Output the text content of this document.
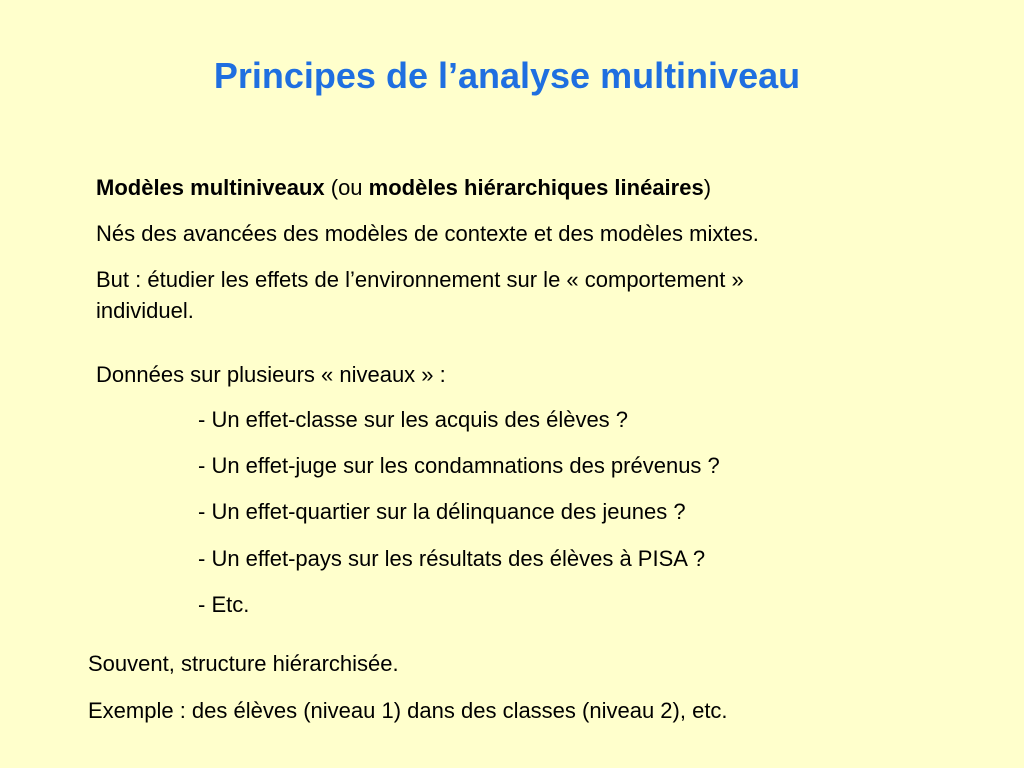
Principes de l’analyse multiniveau
Modèles multiniveaux (ou modèles hiérarchiques linéaires)
Nés des avancées des modèles de contexte et des modèles mixtes.
But : étudier les effets de l’environnement sur le « comportement »
individuel.
Données sur plusieurs « niveaux » :
- Un effet-classe sur les acquis des élèves ?
- Un effet-juge sur les condamnations des prévenus ?
- Un effet-quartier sur la délinquance des jeunes ?
- Un effet-pays sur les résultats des élèves à PISA ?
- Etc.
Souvent, structure hiérarchisée.
Exemple : des élèves (niveau 1) dans des classes (niveau 2), etc.
